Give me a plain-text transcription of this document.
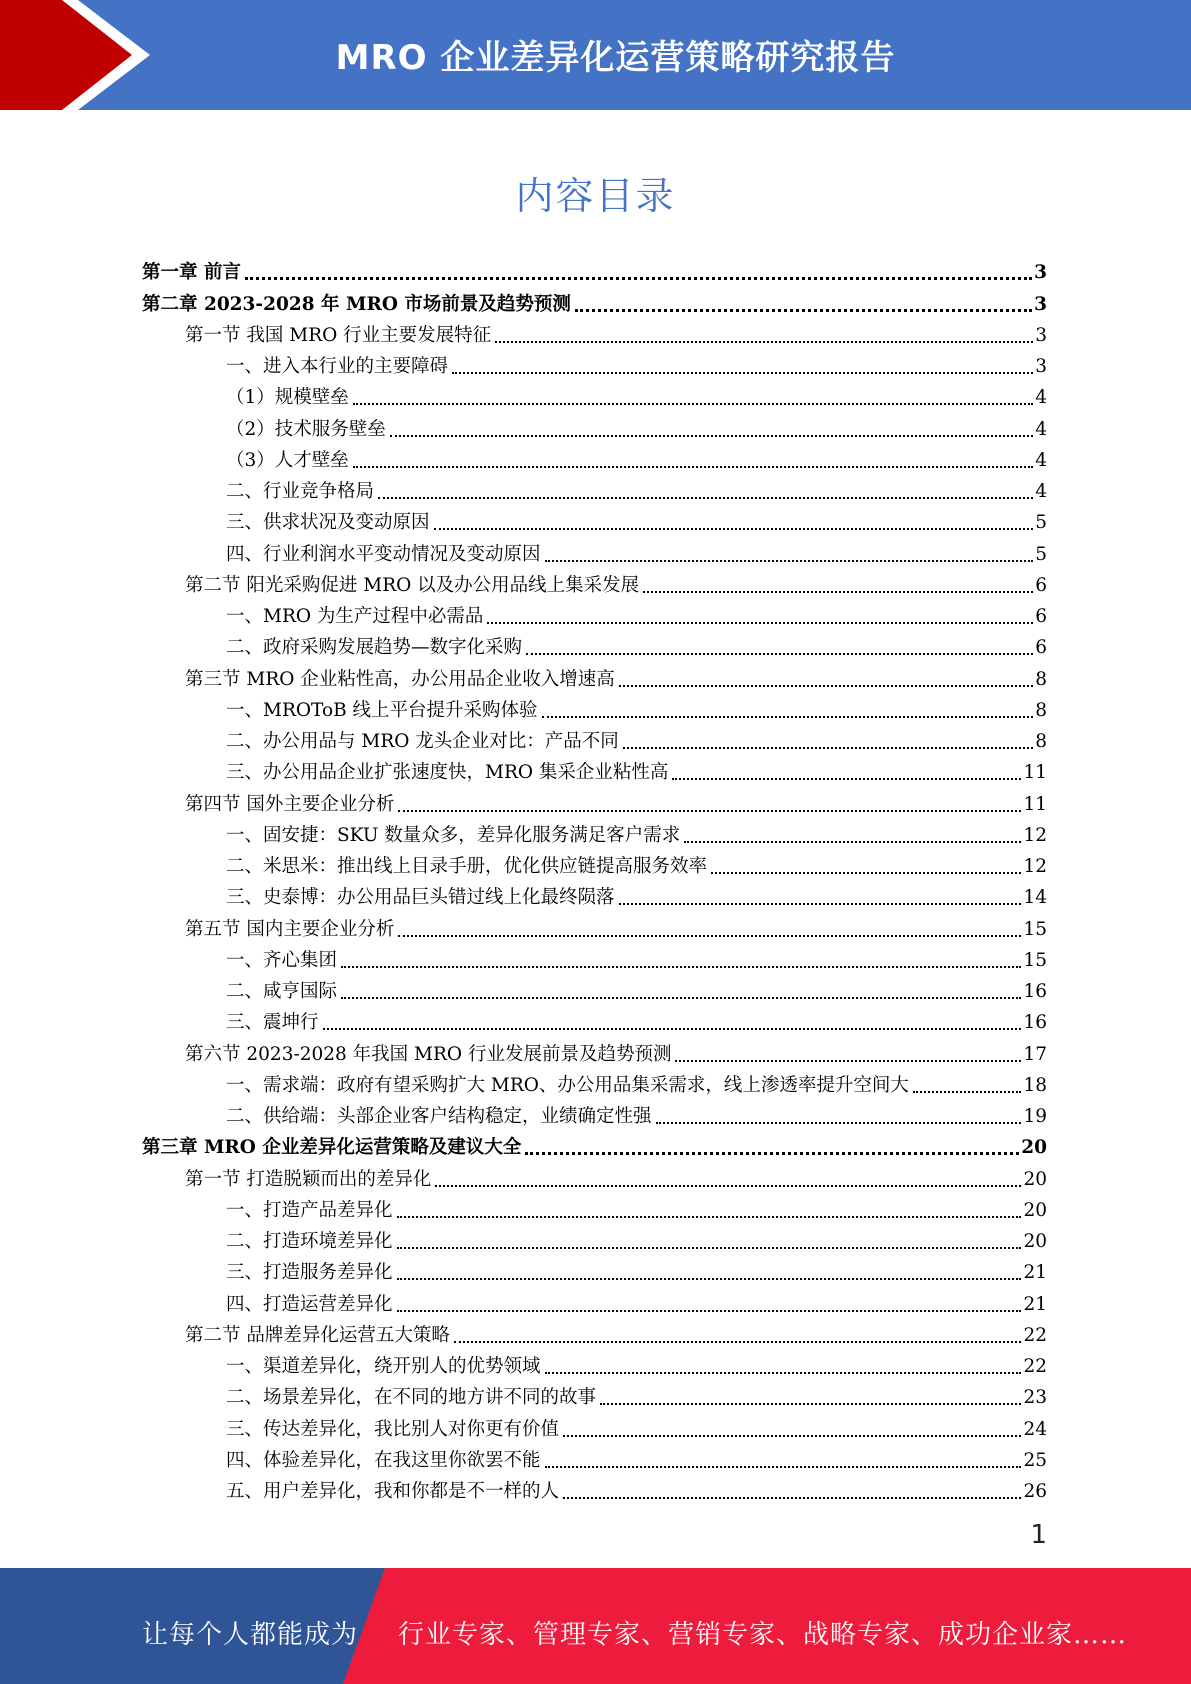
MRO 企业差异化运营策略研究报告
内容目录
第一章 前言	3
第二章 2023-2028 年 MRO 市场前景及趋势预测	3
第一节 我国 MRO 行业主要发展特征	3
一、进入本行业的主要障碍	3
（1）规模壁垒	4
（2）技术服务壁垒	4
（3）人才壁垒	4
二、行业竞争格局	4
三、供求状况及变动原因	5
四、行业利润水平变动情况及变动原因	5
第二节 阳光采购促进 MRO 以及办公用品线上集采发展	6
一、MRO 为生产过程中必需品	6
二、政府采购发展趋势—数字化采购	6
第三节 MRO 企业粘性高，办公用品企业收入增速高	8
一、MROToB 线上平台提升采购体验	8
二、办公用品与 MRO 龙头企业对比：产品不同	8
三、办公用品企业扩张速度快，MRO 集采企业粘性高	11
第四节 国外主要企业分析	11
一、固安捷：SKU 数量众多，差异化服务满足客户需求	12
二、米思米：推出线上目录手册，优化供应链提高服务效率	12
三、史泰博：办公用品巨头错过线上化最终陨落	14
第五节 国内主要企业分析	15
一、齐心集团	15
二、咸亨国际	16
三、震坤行	16
第六节 2023-2028 年我国 MRO 行业发展前景及趋势预测	17
一、需求端：政府有望采购扩大 MRO、办公用品集采需求，线上渗透率提升空间大	18
二、供给端：头部企业客户结构稳定，业绩确定性强	19
第三章 MRO 企业差异化运营策略及建议大全	20
第一节 打造脱颖而出的差异化	20
一、打造产品差异化	20
二、打造环境差异化	20
三、打造服务差异化	21
四、打造运营差异化	21
第二节 品牌差异化运营五大策略	22
一、渠道差异化，绕开别人的优势领域	22
二、场景差异化，在不同的地方讲不同的故事	23
三、传达差异化，我比别人对你更有价值	24
四、体验差异化，在我这里你欲罢不能	25
五、用户差异化，我和你都是不一样的人	26
1
让每个人都能成为 行业专家、管理专家、营销专家、战略专家、成功企业家……
